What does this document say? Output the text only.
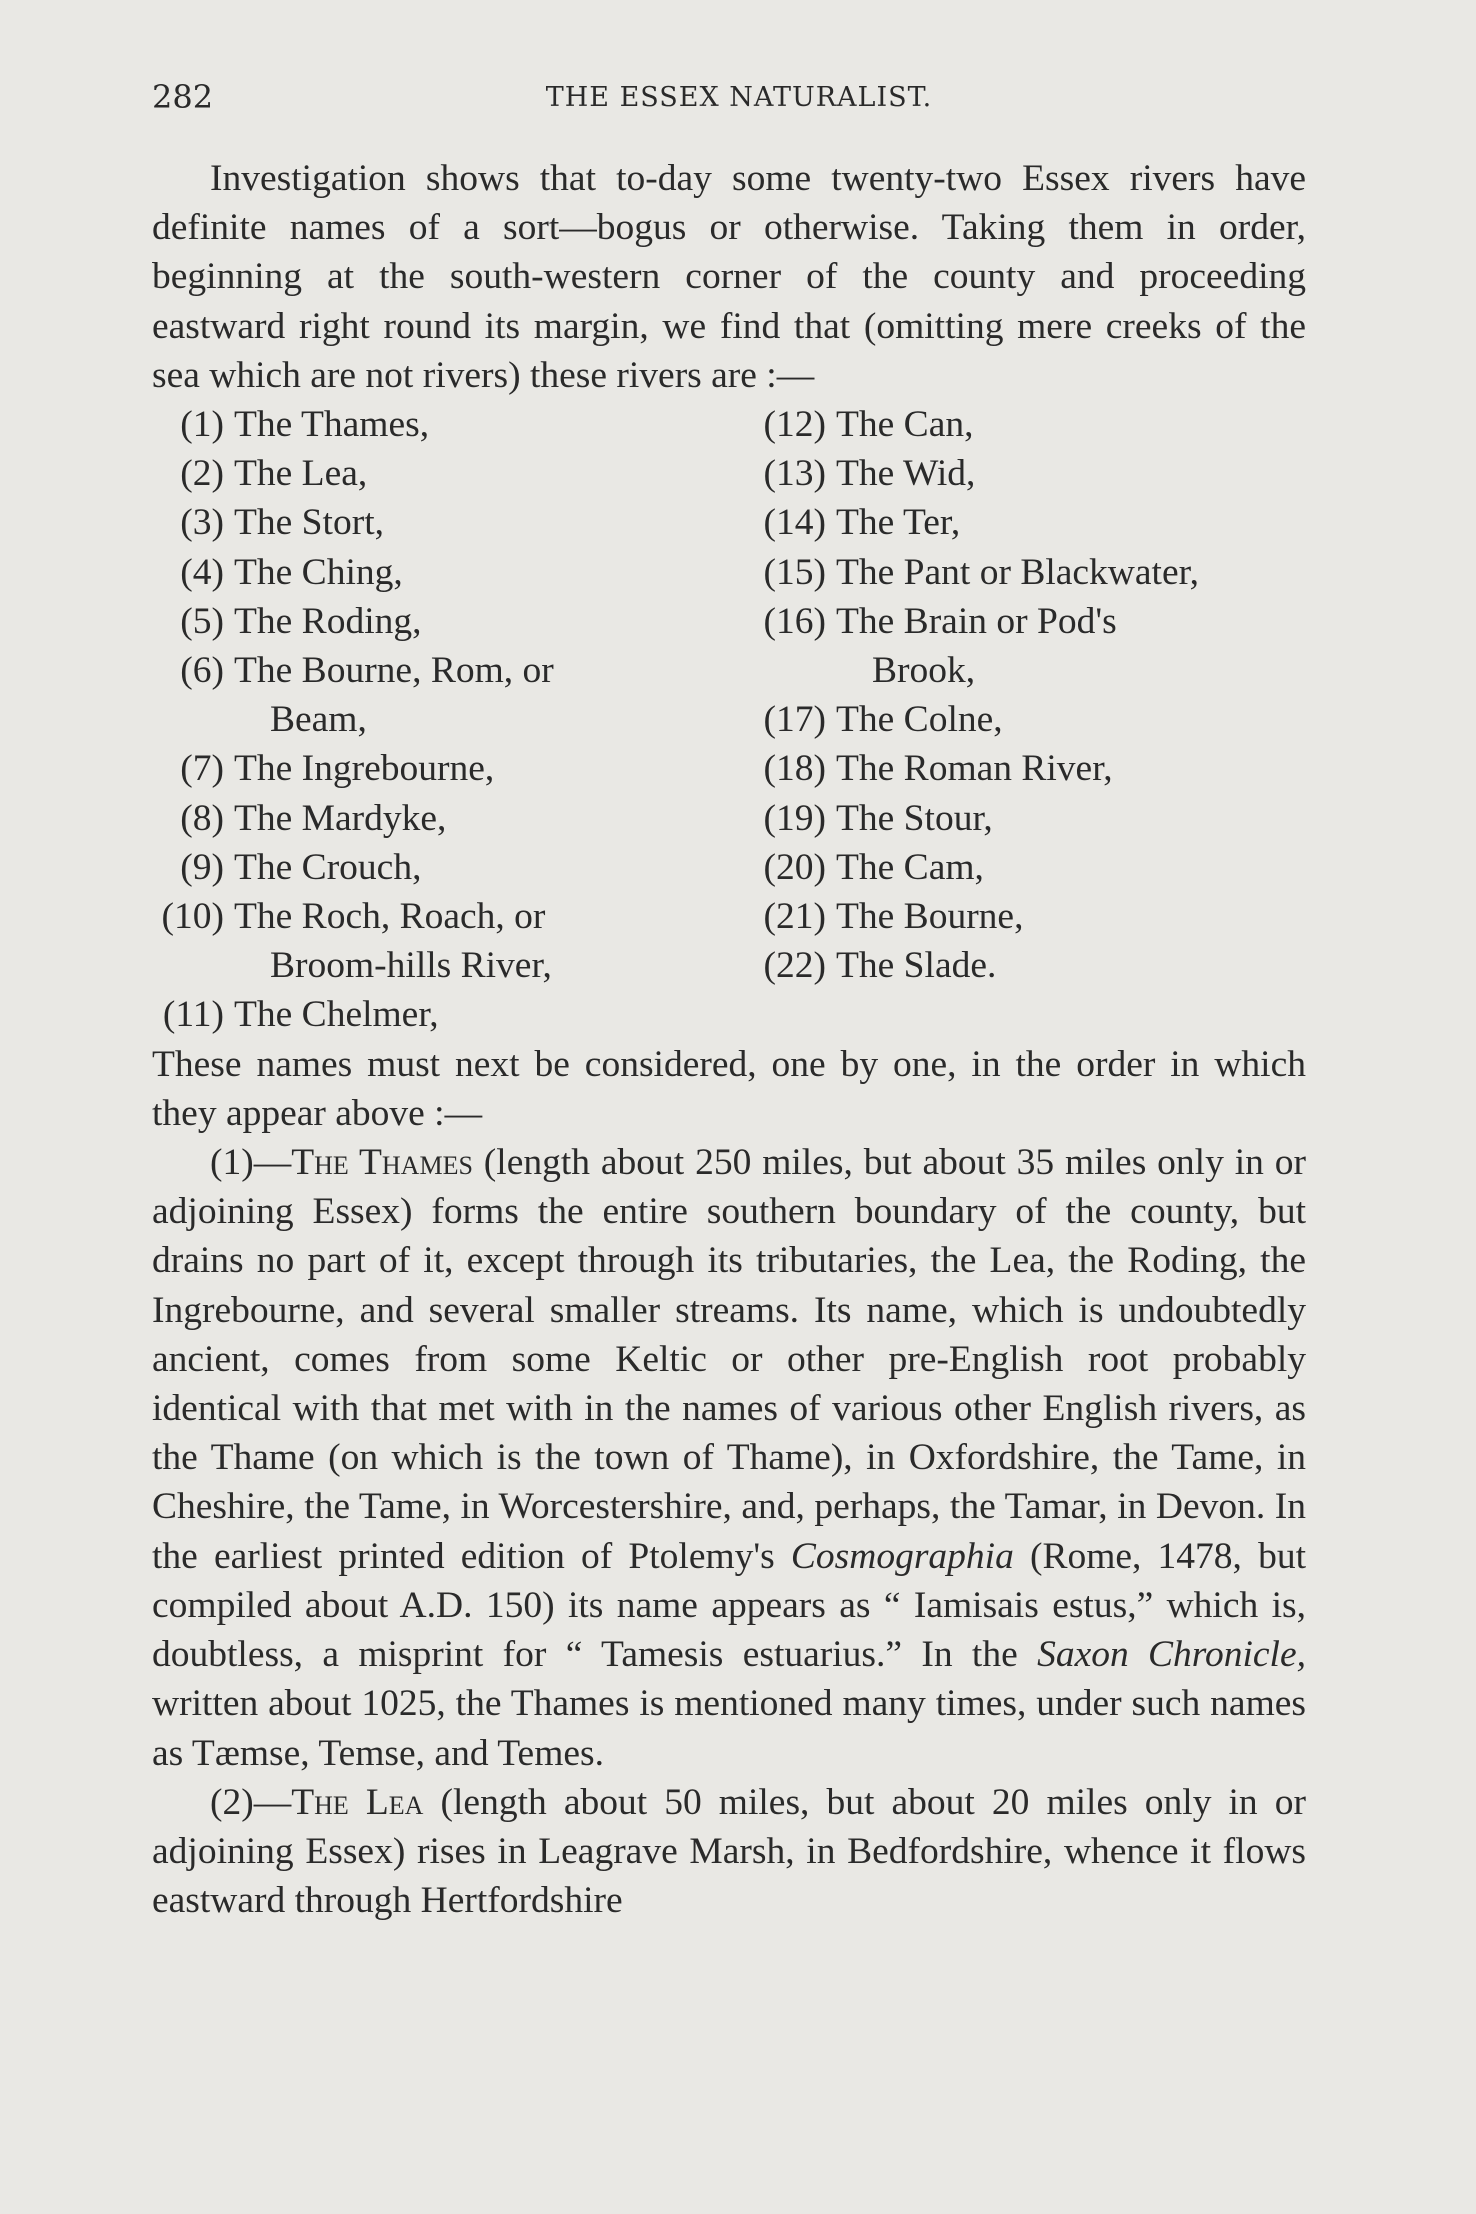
282	THE ESSEX NATURALIST.

Investigation shows that to-day some twenty-two Essex rivers have definite names of a sort—bogus or otherwise. Taking them in order, beginning at the south-western corner of the county and proceeding eastward right round its margin, we find that (omitting mere creeks of the sea which are not rivers) these rivers are :—

(1) The Thames,
(2) The Lea,
(3) The Stort,
(4) The Ching,
(5) The Roding,
(6) The Bourne, Rom, or
Beam,
(7) The Ingrebourne,
(8) The Mardyke,
(9) The Crouch,
(10) The Roch, Roach, or
Broom-hills River,
(11) The Chelmer,
(12) The Can,
(13) The Wid,
(14) The Ter,
(15) The Pant or Blackwater,
(16) The Brain or Pod's
Brook,
(17) The Colne,
(18) The Roman River,
(19) The Stour,
(20) The Cam,
(21) The Bourne,
(22) The Slade.

These names must next be considered, one by one, in the order in which they appear above :—

(1)—The Thames (length about 250 miles, but about 35 miles only in or adjoining Essex) forms the entire southern boundary of the county, but drains no part of it, except through its tributaries, the Lea, the Roding, the Ingrebourne, and several smaller streams. Its name, which is undoubtedly ancient, comes from some Keltic or other pre-English root probably identical with that met with in the names of various other English rivers, as the Thame (on which is the town of Thame), in Oxfordshire, the Tame, in Cheshire, the Tame, in Worcestershire, and, perhaps, the Tamar, in Devon. In the earliest printed edition of Ptolemy's Cosmographia (Rome, 1478, but compiled about A.D. 150) its name appears as “ Iamisais estus,” which is, doubtless, a misprint for “ Tamesis estuarius.” In the Saxon Chronicle, written about 1025, the Thames is mentioned many times, under such names as Tæmse, Temse, and Temes.

(2)—The Lea (length about 50 miles, but about 20 miles only in or adjoining Essex) rises in Leagrave Marsh, in Bedfordshire, whence it flows eastward through Hertfordshire
